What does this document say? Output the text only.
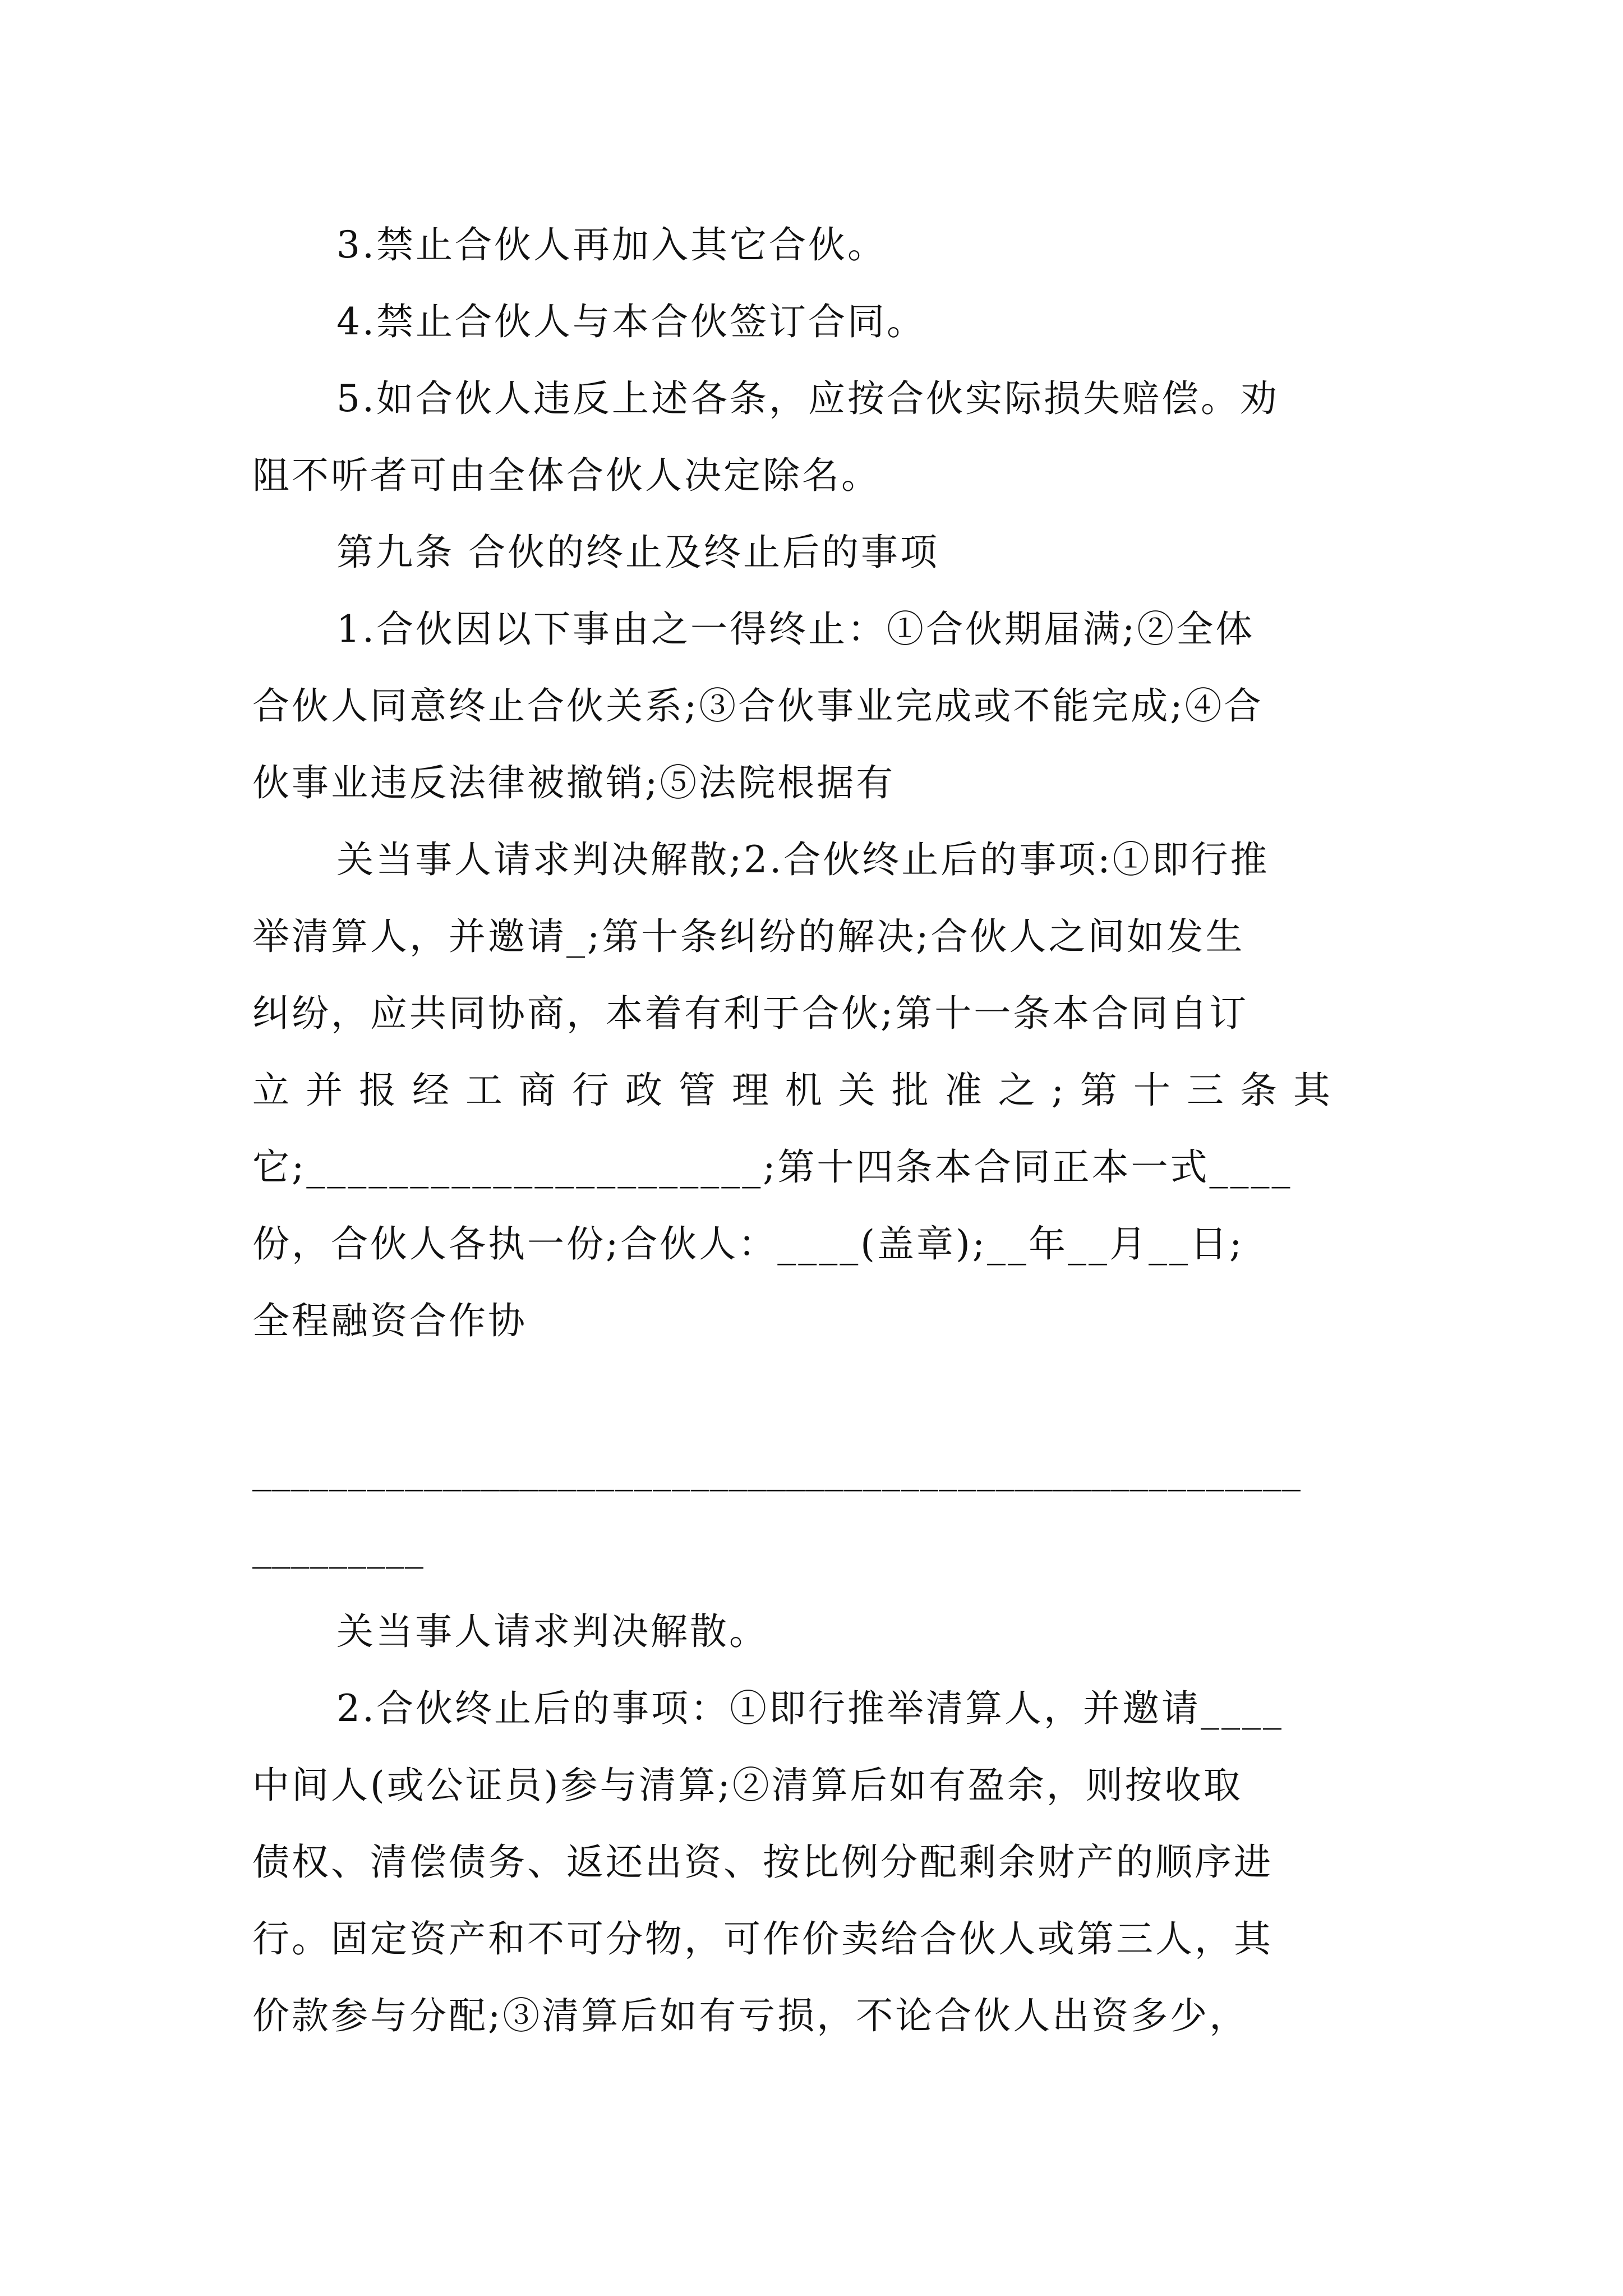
3.禁止合伙人再加入其它合伙。

4.禁止合伙人与本合伙签订合同。

5.如合伙人违反上述各条，应按合伙实际损失赔偿。劝

阻不听者可由全体合伙人决定除名。

第九条 合伙的终止及终止后的事项

1.合伙因以下事由之一得终止：①合伙期届满;②全体

合伙人同意终止合伙关系;③合伙事业完成或不能完成;④合

伙事业违反法律被撤销;⑤法院根据有

关当事人请求判决解散;2.合伙终止后的事项:①即行推

举清算人，并邀请_;第十条纠纷的解决;合伙人之间如发生

纠纷，应共同协商，本着有利于合伙;第十一条本合同自订

立 并 报 经 工 商 行 政 管 理 机 关 批 准 之 ; 第 十 三 条 其

它;______________________;第十四条本合同正本一式____

份，合伙人各执一份;合伙人：____(盖章);__年__月__日;

全程融资合作协

_______________________________________________________
_________

关当事人请求判决解散。

2.合伙终止后的事项：①即行推举清算人，并邀请____

中间人(或公证员)参与清算;②清算后如有盈余，则按收取

债权、清偿债务、返还出资、按比例分配剩余财产的顺序进

行。固定资产和不可分物，可作价卖给合伙人或第三人，其

价款参与分配;③清算后如有亏损，不论合伙人出资多少，
